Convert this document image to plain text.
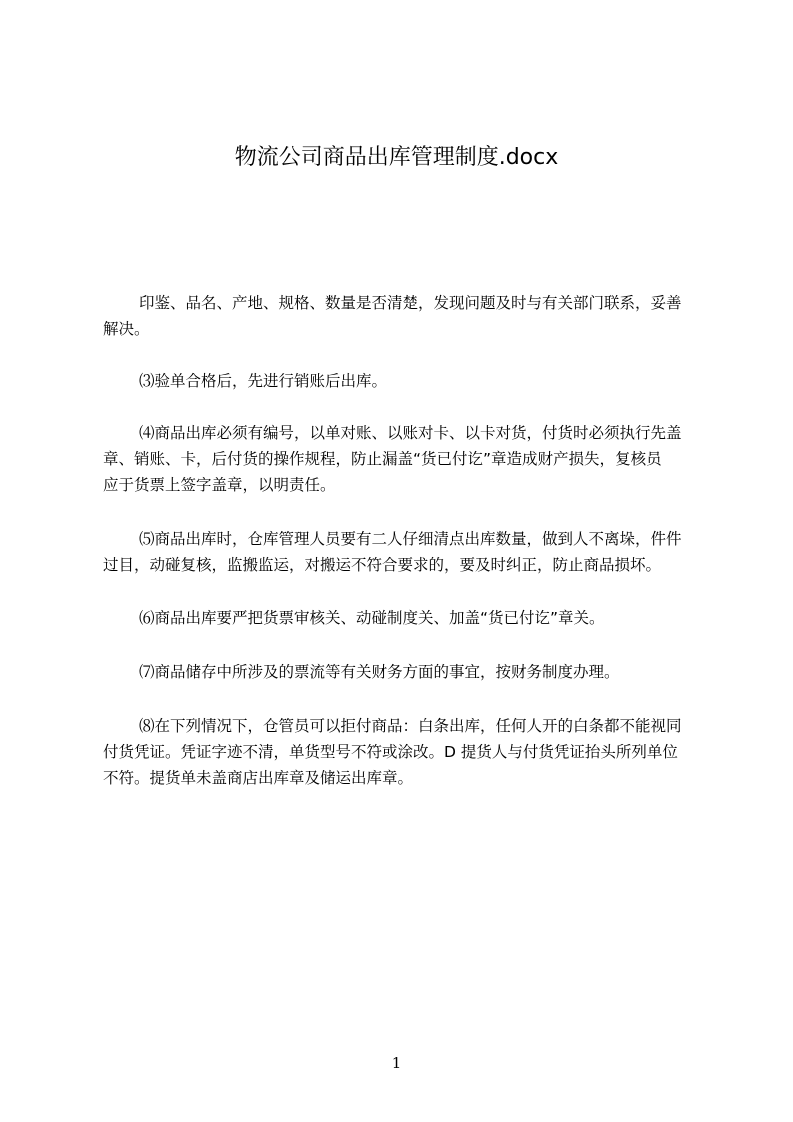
物流公司商品出库管理制度.docx

印鉴、品名、产地、规格、数量是否清楚，发现问题及时与有关部门联系，妥善
解决。

⑶验单合格后，先进行销账后出库。

⑷商品出库必须有编号，以单对账、以账对卡、以卡对货，付货时必须执行先盖
章、销账、卡，后付货的操作规程，防止漏盖“货已付讫”章造成财产损失，复核员
应于货票上签字盖章，以明责任。

⑸商品出库时，仓库管理人员要有二人仔细清点出库数量，做到人不离垛，件件
过目，动碰复核，监搬监运，对搬运不符合要求的，要及时纠正，防止商品损坏。

⑹商品出库要严把货票审核关、动碰制度关、加盖“货已付讫”章关。

⑺商品储存中所涉及的票流等有关财务方面的事宜，按财务制度办理。

⑻在下列情况下，仓管员可以拒付商品：白条出库，任何人开的白条都不能视同
付货凭证。凭证字迹不清，单货型号不符或涂改。D 提货人与付货凭证抬头所列单位
不符。提货单未盖商店出库章及储运出库章。

1
